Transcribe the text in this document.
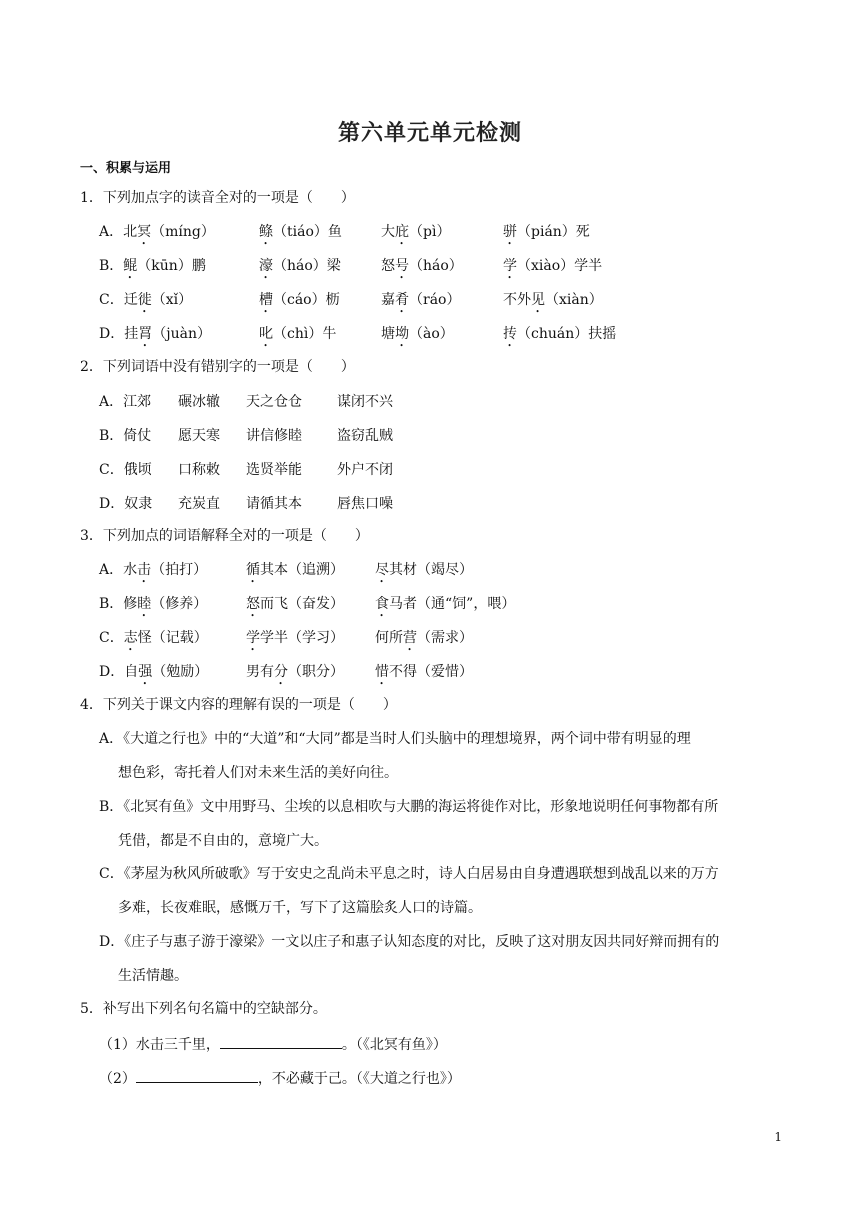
第六单元单元检测
一、积累与运用
1．下列加点字的读音全对的一项是（　　）
2．下列词语中没有错别字的一项是（　　）
3．下列加点的词语解释全对的一项是（　　）
4．下列关于课文内容的理解有误的一项是（　　）
5．补写出下列名句名篇中的空缺部分。
（1）水击三千里，	。（《北冥有鱼》）
（2）	，不必藏于己。（《大道之行也》）
1
A．北冥（míng）	鲦（tiáo）鱼	大庇（pì）	骈（pián）死
B．鲲（kūn）鹏	濠（háo）梁	怒号（háo）	学（xiào）学半
C．迁徙（xǐ）	槽（cáo）枥	嘉肴（ráo）	不外见（xiàn）
D．挂罥（juàn）	叱（chì）牛	塘坳（ào）	抟（chuán）扶摇
A．江郊 碾冰辙 天之仓仓	谋闭不兴
B．倚仗 愿天寒 讲信修睦	盗窃乱贼
C．俄顷 口称敕 选贤举能	外户不闭
D．奴隶 充炭直 请循其本	唇焦口噪
A．水击（拍打）	循其本（追溯） 尽其材（竭尽）
B．修睦（修养）	怒而飞（奋发） 食马者（通“饲”，喂）
C．志怪（记载）	学学半（学习） 何所营（需求）
D．自强（勉励）	男有分（职分） 惜不得（爱惜）
A．《大道之行也》中的“大道”和“大同”都是当时人们头脑中的理想境界，两个词中带有明显的理
想色彩，寄托着人们对未来生活的美好向往。
B．《北冥有鱼》文中用野马、尘埃的以息相吹与大鹏的海运将徙作对比，形象地说明任何事物都有所
凭借，都是不自由的，意境广大。
C．《茅屋为秋风所破歌》写于安史之乱尚未平息之时，诗人白居易由自身遭遇联想到战乱以来的万方
多难，长夜难眠，感慨万千，写下了这篇脍炙人口的诗篇。
D．《庄子与惠子游于濠梁》一文以庄子和惠子认知态度的对比，反映了这对朋友因共同好辩而拥有的
生活情趣。
